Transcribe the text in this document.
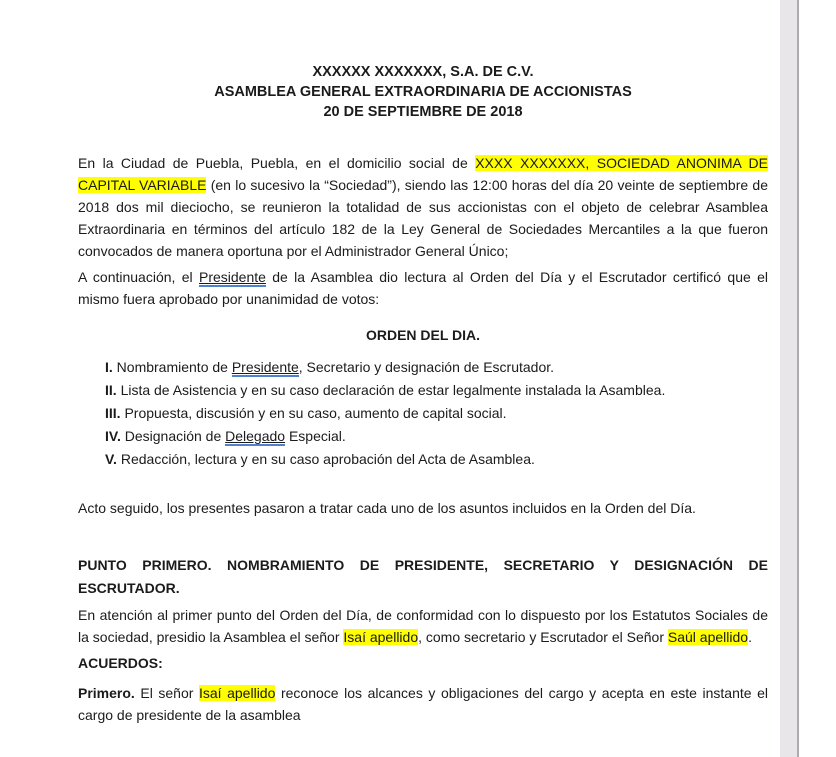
XXXXXX XXXXXXX, S.A. DE C.V.
ASAMBLEA GENERAL EXTRAORDINARIA DE ACCIONISTAS
20 DE SEPTIEMBRE DE 2018

En la Ciudad de Puebla, Puebla, en el domicilio social de XXXX XXXXXXX, SOCIEDAD ANONIMA DE CAPITAL VARIABLE (en lo sucesivo la “Sociedad”), siendo las 12:00 horas del día 20 veinte de septiembre de 2018 dos mil dieciocho, se reunieron la totalidad de sus accionistas con el objeto de celebrar Asamblea Extraordinaria en términos del artículo 182 de la Ley General de Sociedades Mercantiles a la que fueron convocados de manera oportuna por el Administrador General Único;

A continuación, el Presidente de la Asamblea dio lectura al Orden del Día y el Escrutador certificó que el mismo fuera aprobado por unanimidad de votos:

ORDEN DEL DIA.

I. Nombramiento de Presidente, Secretario y designación de Escrutador.
II. Lista de Asistencia y en su caso declaración de estar legalmente instalada la Asamblea.
III. Propuesta, discusión y en su caso, aumento de capital social.
IV. Designación de Delegado Especial.
V. Redacción, lectura y en su caso aprobación del Acta de Asamblea.

Acto seguido, los presentes pasaron a tratar cada uno de los asuntos incluidos en la Orden del Día.

PUNTO PRIMERO. NOMBRAMIENTO DE PRESIDENTE, SECRETARIO Y DESIGNACIÓN DE ESCRUTADOR.

En atención al primer punto del Orden del Día, de conformidad con lo dispuesto por los Estatutos Sociales de la sociedad, presidio la Asamblea el señor Isaí apellido, como secretario y Escrutador el Señor Saúl apellido.

ACUERDOS:

Primero. El señor Isaí apellido reconoce los alcances y obligaciones del cargo y acepta en este instante el cargo de presidente de la asamblea
